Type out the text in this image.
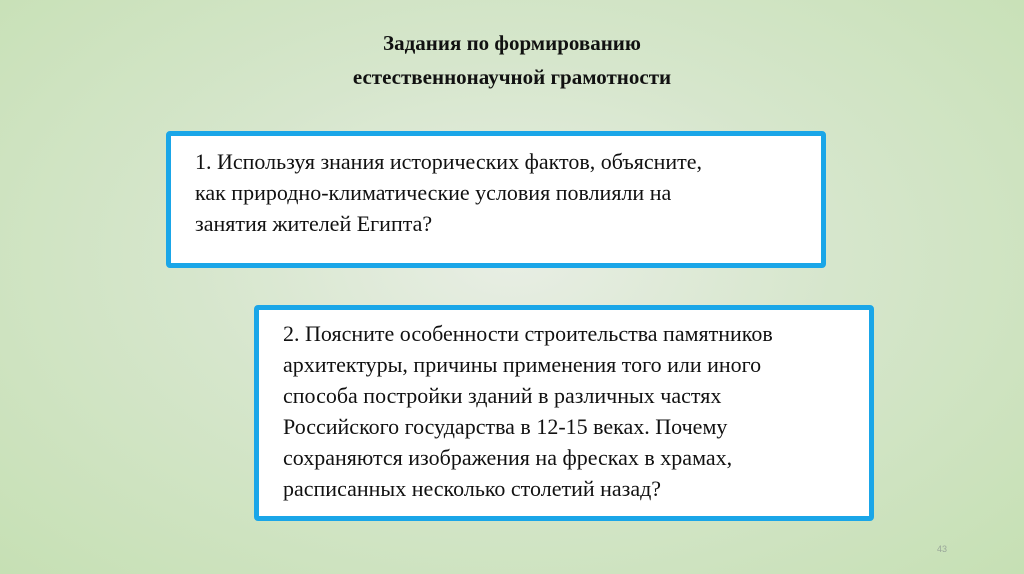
Задания по формированию
естественнонаучной грамотности
1. Используя знания исторических фактов, объясните,
как природно-климатические условия повлияли на
занятия жителей Египта?
2. Поясните особенности строительства памятников
архитектуры, причины применения того или иного
способа постройки зданий в различных частях
Российского государства в 12-15 веках. Почему
сохраняются изображения на фресках в храмах,
расписанных несколько столетий назад?
43
